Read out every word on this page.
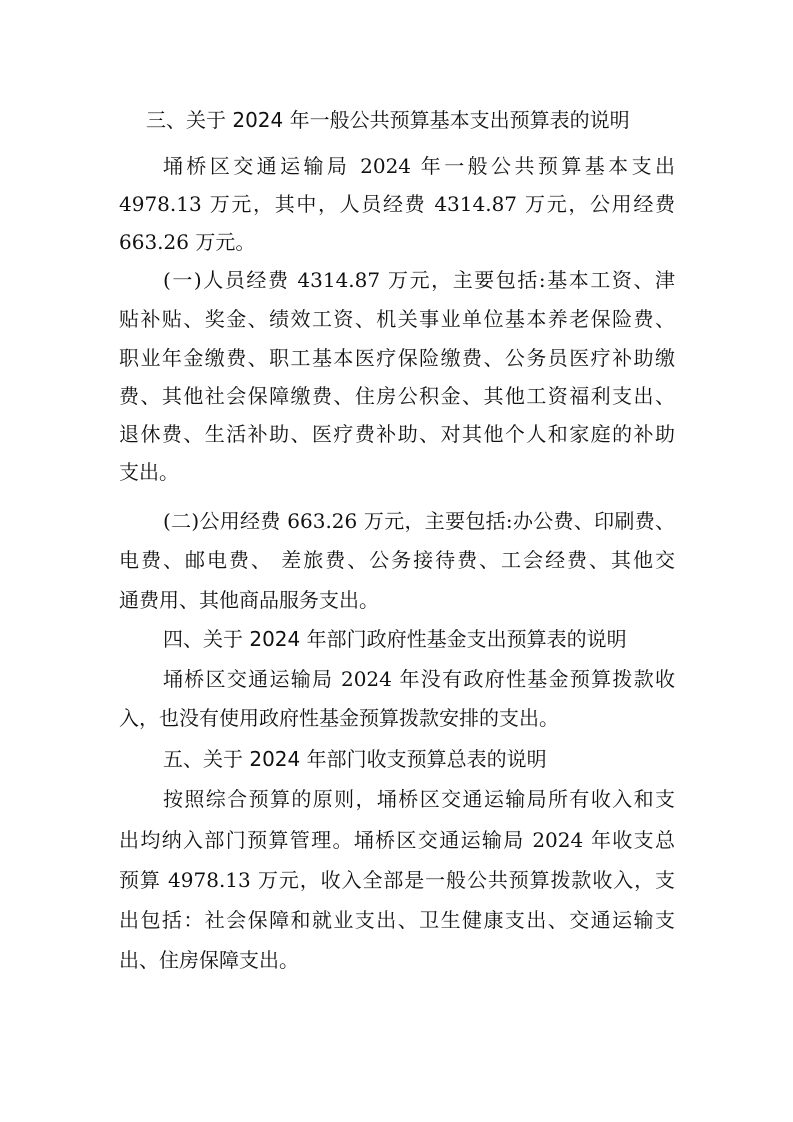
三、关于 2024 年一般公共预算基本支出预算表的说明
埇桥区交通运输局 2024 年一般公共预算基本支出
4978.13 万元，其中，人员经费 4314.87 万元，公用经费
663.26 万元。
(一)人员经费 4314.87 万元，主要包括:基本工资、津
贴补贴、奖金、绩效工资、机关事业单位基本养老保险费、
职业年金缴费、职工基本医疗保险缴费、公务员医疗补助缴
费、其他社会保障缴费、住房公积金、其他工资福利支出、
退休费、生活补助、医疗费补助、对其他个人和家庭的补助
支出。
(二)公用经费 663.26 万元，主要包括:办公费、印刷费、
电费、邮电费、 差旅费、公务接待费、工会经费、其他交
通费用、其他商品服务支出。
四、关于 2024 年部门政府性基金支出预算表的说明
埇桥区交通运输局 2024 年没有政府性基金预算拨款收
入，也没有使用政府性基金预算拨款安排的支出。
五、关于 2024 年部门收支预算总表的说明
按照综合预算的原则，埇桥区交通运输局所有收入和支
出均纳入部门预算管理。埇桥区交通运输局 2024 年收支总
预算 4978.13 万元，收入全部是一般公共预算拨款收入，支
出包括：社会保障和就业支出、卫生健康支出、交通运输支
出、住房保障支出。
